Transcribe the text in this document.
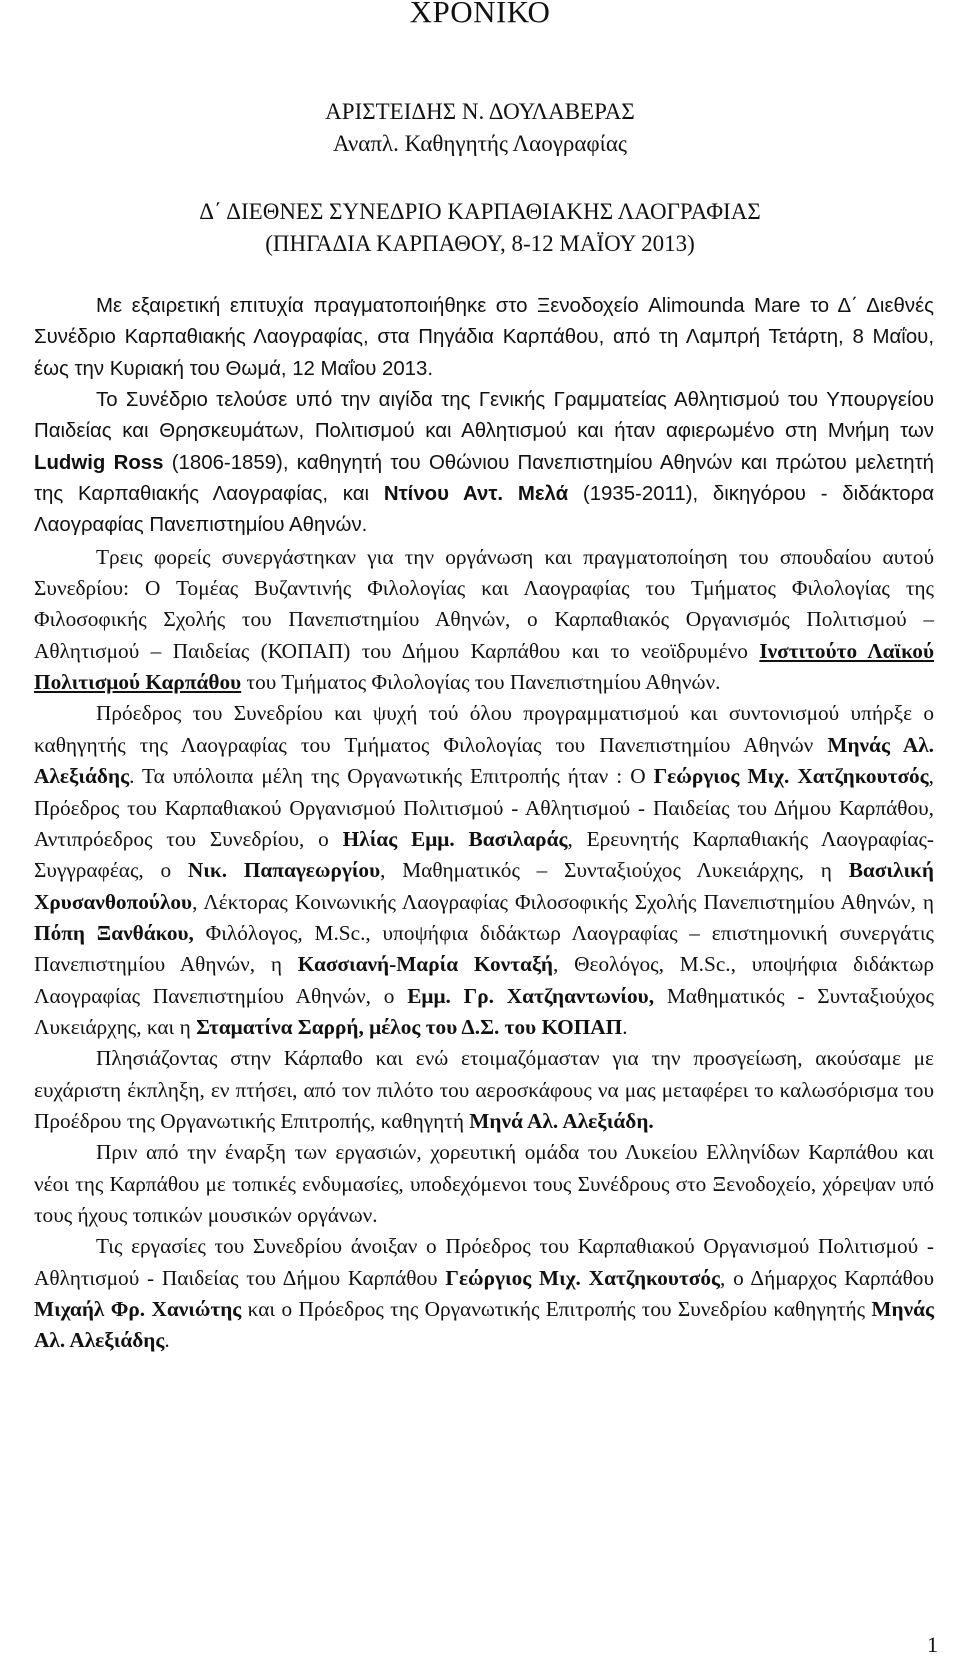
ΧΡΟΝΙΚΟ
ΑΡΙΣΤΕΙΔΗΣ Ν. ΔΟΥΛΑΒΕΡΑΣ
Αναπλ. Καθηγητής Λαογραφίας
Δ΄ ΔΙΕΘΝΕΣ ΣΥΝΕΔΡΙΟ ΚΑΡΠΑΘΙΑΚΗΣ ΛΑΟΓΡΑΦΙΑΣ
(ΠΗΓΑΔΙΑ ΚΑΡΠΑΘΟΥ, 8-12 ΜΑΪΟΥ 2013)

Με εξαιρετική επιτυχία πραγματοποιήθηκε στο Ξενοδοχείο Alimounda Mare το Δ΄ Διεθνές Συνέδριο Καρπαθιακής Λαογραφίας, στα Πηγάδια Καρπάθου, από τη Λαμπρή Τετάρτη, 8 Μαΐου, έως την Κυριακή του Θωμά, 12 Μαΐου 2013.

Το Συνέδριο τελούσε υπό την αιγίδα της Γενικής Γραμματείας Αθλητισμού του Υπουργείου Παιδείας και Θρησκευμάτων, Πολιτισμού και Αθλητισμού και ήταν αφιερωμένο στη Μνήμη των Ludwig Ross (1806-1859), καθηγητή του Οθώνιου Πανεπιστημίου Αθηνών και πρώτου μελετητή της Καρπαθιακής Λαογραφίας, και Ντίνου Αντ. Μελά (1935-2011), δικηγόρου - διδάκτορα Λαογραφίας Πανεπιστημίου Αθηνών.

Τρεις φορείς συνεργάστηκαν για την οργάνωση και πραγματοποίηση του σπουδαίου αυτού Συνεδρίου: Ο Τομέας Βυζαντινής Φιλολογίας και Λαογραφίας του Τμήματος Φιλολογίας της Φιλοσοφικής Σχολής του Πανεπιστημίου Αθηνών, ο Καρπαθιακός Οργανισμός Πολιτισμού – Αθλητισμού – Παιδείας (ΚΟΠΑΠ) του Δήμου Καρπάθου και το νεοϊδρυμένο Ινστιτούτο Λαϊκού Πολιτισμού Καρπάθου του Τμήματος Φιλολογίας του Πανεπιστημίου Αθηνών.

Πρόεδρος του Συνεδρίου και ψυχή τού όλου προγραμματισμού και συντονισμού υπήρξε ο καθηγητής της Λαογραφίας του Τμήματος Φιλολογίας του Πανεπιστημίου Αθηνών Μηνάς Αλ. Αλεξιάδης. Τα υπόλοιπα μέλη της Οργανωτικής Επιτροπής ήταν : Ο Γεώργιος Μιχ. Χατζηκουτσός, Πρόεδρος του Καρπαθιακού Οργανισμού Πολιτισμού - Αθλητισμού - Παιδείας του Δήμου Καρπάθου, Αντιπρόεδρος του Συνεδρίου, ο Ηλίας Εμμ. Βασιλαράς, Ερευνητής Καρπαθιακής Λαογραφίας-Συγγραφέας, ο Νικ. Παπαγεωργίου, Μαθηματικός – Συνταξιούχος Λυκειάρχης, η Βασιλική Χρυσανθοπούλου, Λέκτορας Κοινωνικής Λαογραφίας Φιλοσοφικής Σχολής Πανεπιστημίου Αθηνών, η Πόπη Ξανθάκου, Φιλόλογος, M.Sc., υποψήφια διδάκτωρ Λαογραφίας – επιστημονική συνεργάτις Πανεπιστημίου Αθηνών, η Κασσιανή-Μαρία Κονταξή, Θεολόγος, M.Sc., υποψήφια διδάκτωρ Λαογραφίας Πανεπιστημίου Αθηνών, ο Εμμ. Γρ. Χατζηαντωνίου, Μαθηματικός - Συνταξιούχος Λυκειάρχης, και η Σταματίνα Σαρρή, μέλος του Δ.Σ. του ΚΟΠΑΠ.

Πλησιάζοντας στην Κάρπαθο και ενώ ετοιμαζόμασταν για την προσγείωση, ακούσαμε με ευχάριστη έκπληξη, εν πτήσει, από τον πιλότο του αεροσκάφους να μας μεταφέρει το καλωσόρισμα του Προέδρου της Οργανωτικής Επιτροπής, καθηγητή Μηνά Αλ. Αλεξιάδη.

Πριν από την έναρξη των εργασιών, χορευτική ομάδα του Λυκείου Ελληνίδων Καρπάθου και νέοι της Καρπάθου με τοπικές ενδυμασίες, υποδεχόμενοι τους Συνέδρους στο Ξενοδοχείο, χόρεψαν υπό τους ήχους τοπικών μουσικών οργάνων.

Τις εργασίες του Συνεδρίου άνοιξαν ο Πρόεδρος του Καρπαθιακού Οργανισμού Πολιτισμού - Αθλητισμού - Παιδείας του Δήμου Καρπάθου Γεώργιος Μιχ. Χατζηκουτσός, ο Δήμαρχος Καρπάθου Μιχαήλ Φρ. Χανιώτης και ο Πρόεδρος της Οργανωτικής Επιτροπής του Συνεδρίου καθηγητής Μηνάς Αλ. Αλεξιάδης.

1
